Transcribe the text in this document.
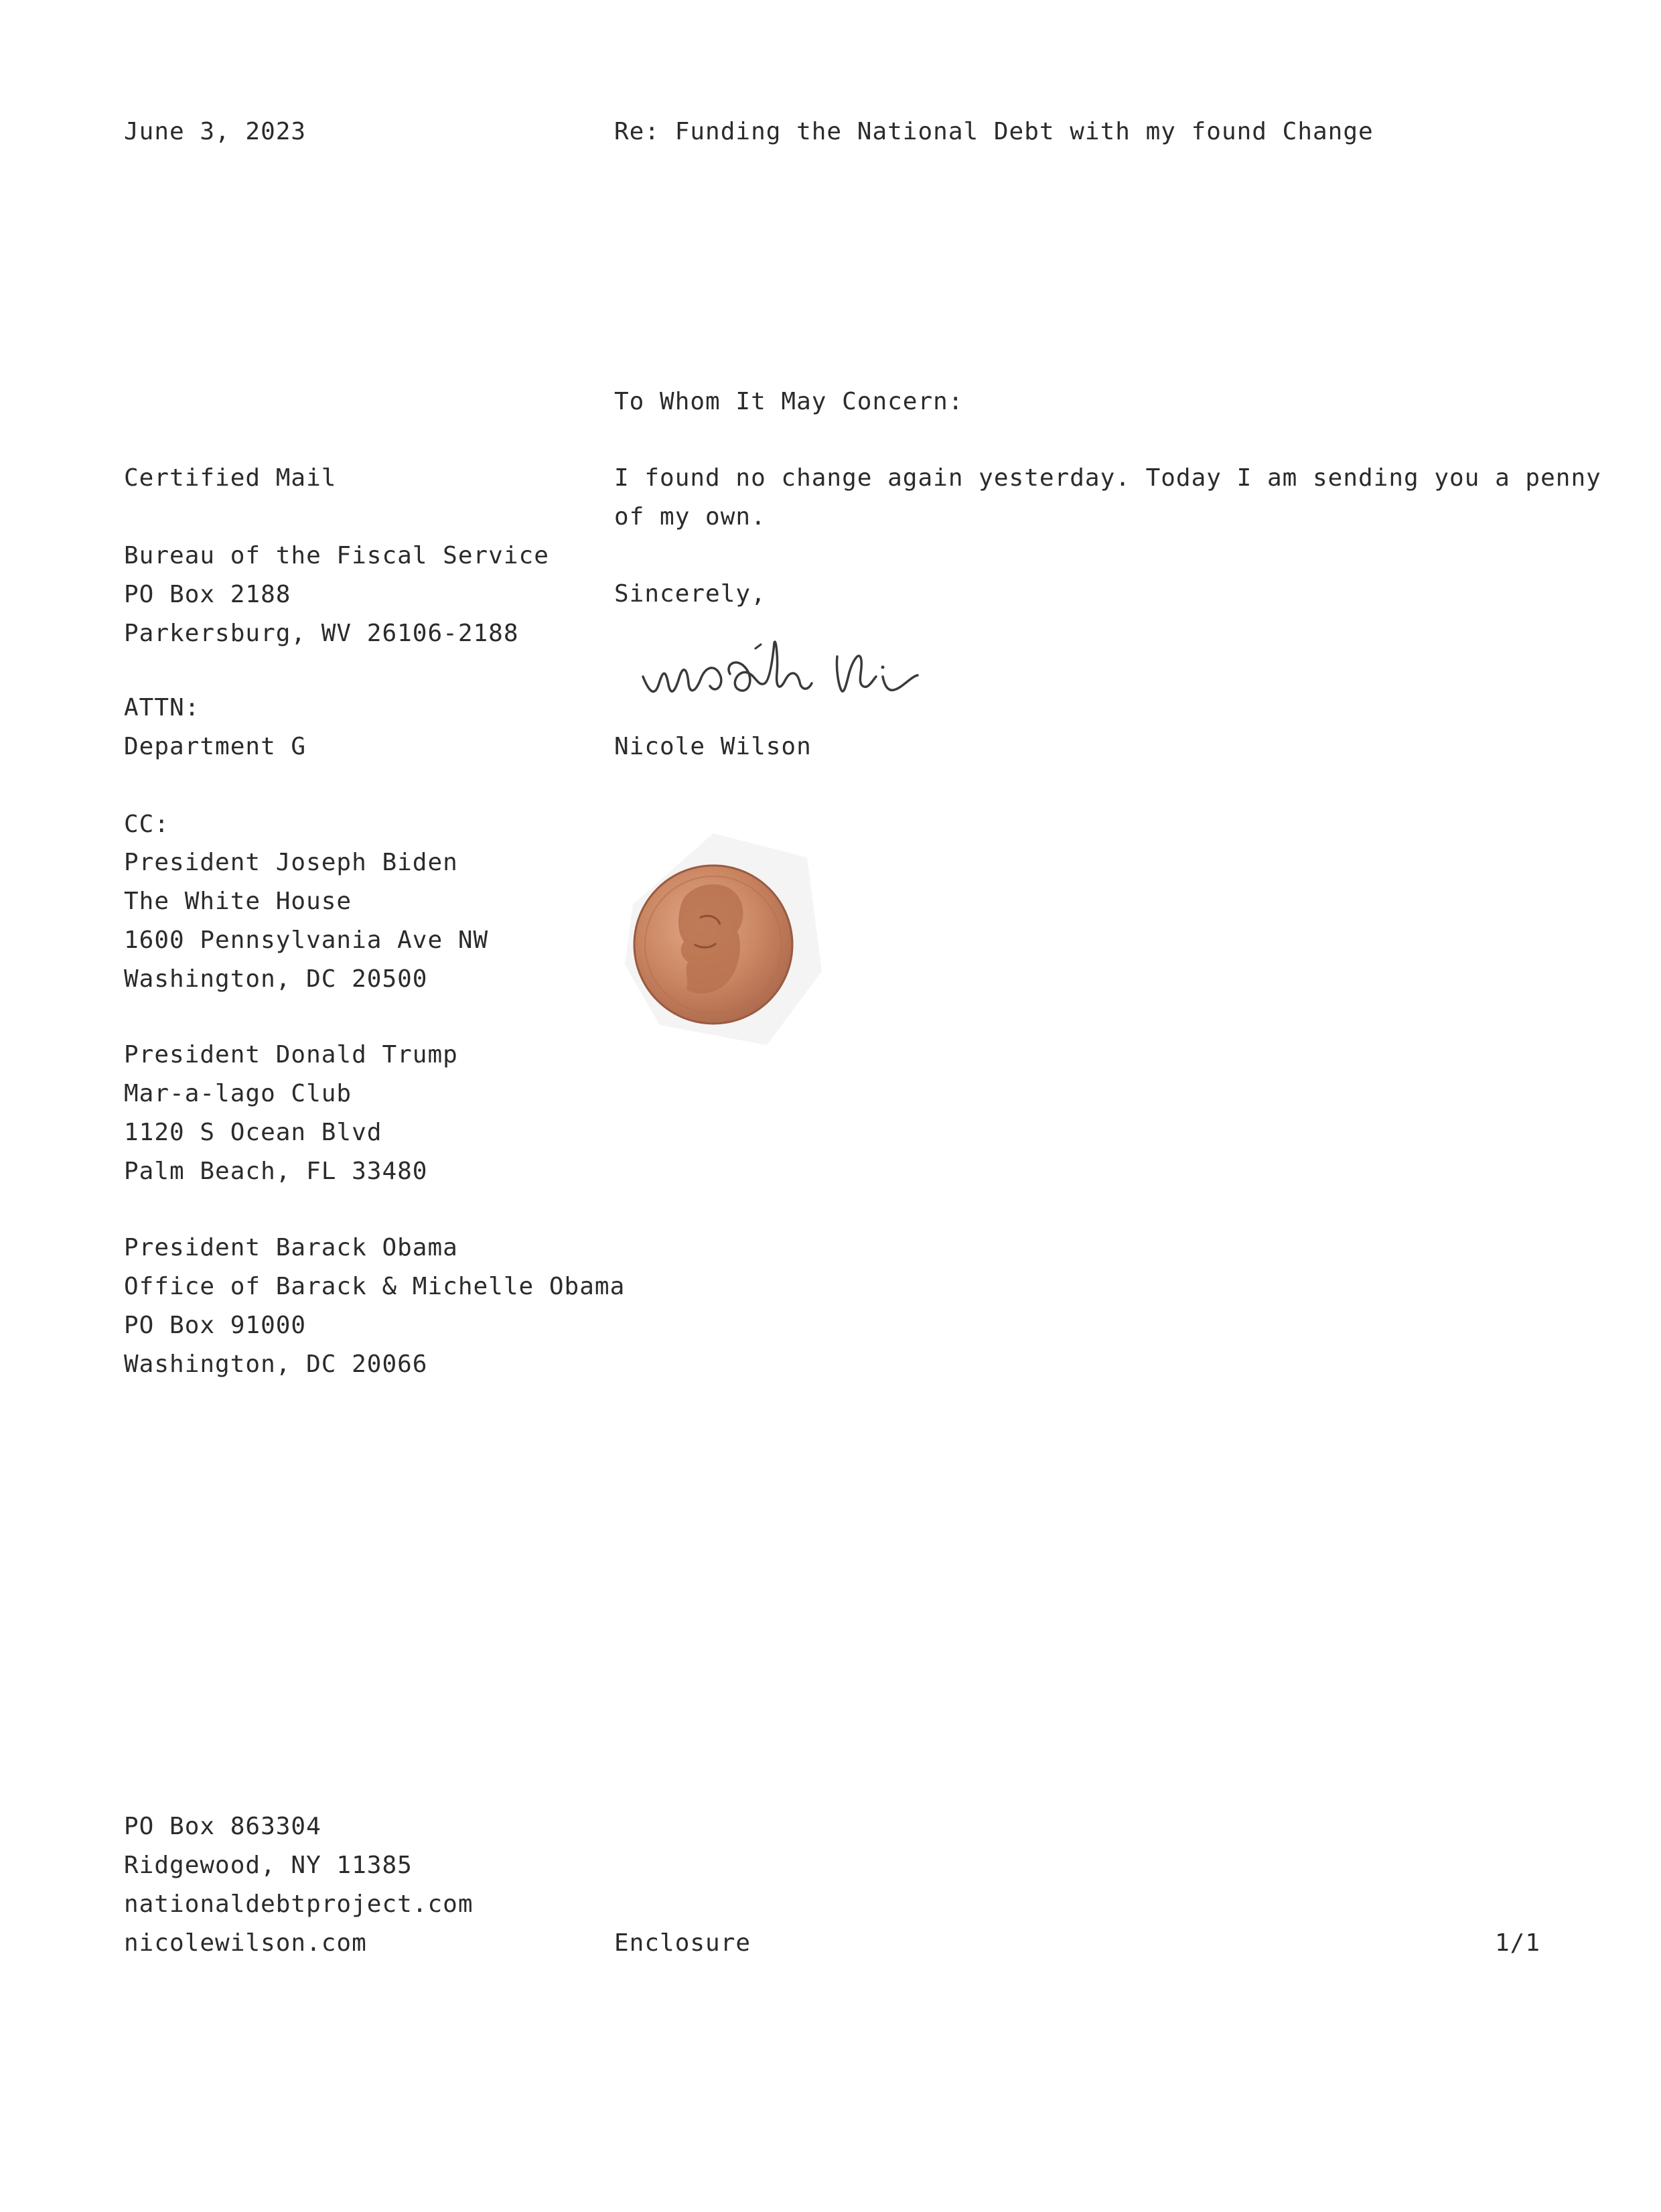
June 3, 2023	Re: Funding the National Debt with my found Change
To Whom It May Concern:
I found no change again yesterday. Today I am sending you a penny
of my own.
Sincerely,
Nicole Wilson
Certified Mail
Bureau of the Fiscal Service
PO Box 2188
Parkersburg, WV 26106-2188
ATTN:
Department G
CC:
President Joseph Biden
The White House
1600 Pennsylvania Ave NW
Washington, DC 20500
President Donald Trump
Mar-a-lago Club
1120 S Ocean Blvd
Palm Beach, FL 33480
President Barack Obama
Office of Barack & Michelle Obama
PO Box 91000
Washington, DC 20066
PO Box 863304
Ridgewood, NY 11385
nationaldebtproject.com
nicolewilson.com	Enclosure	1/1
